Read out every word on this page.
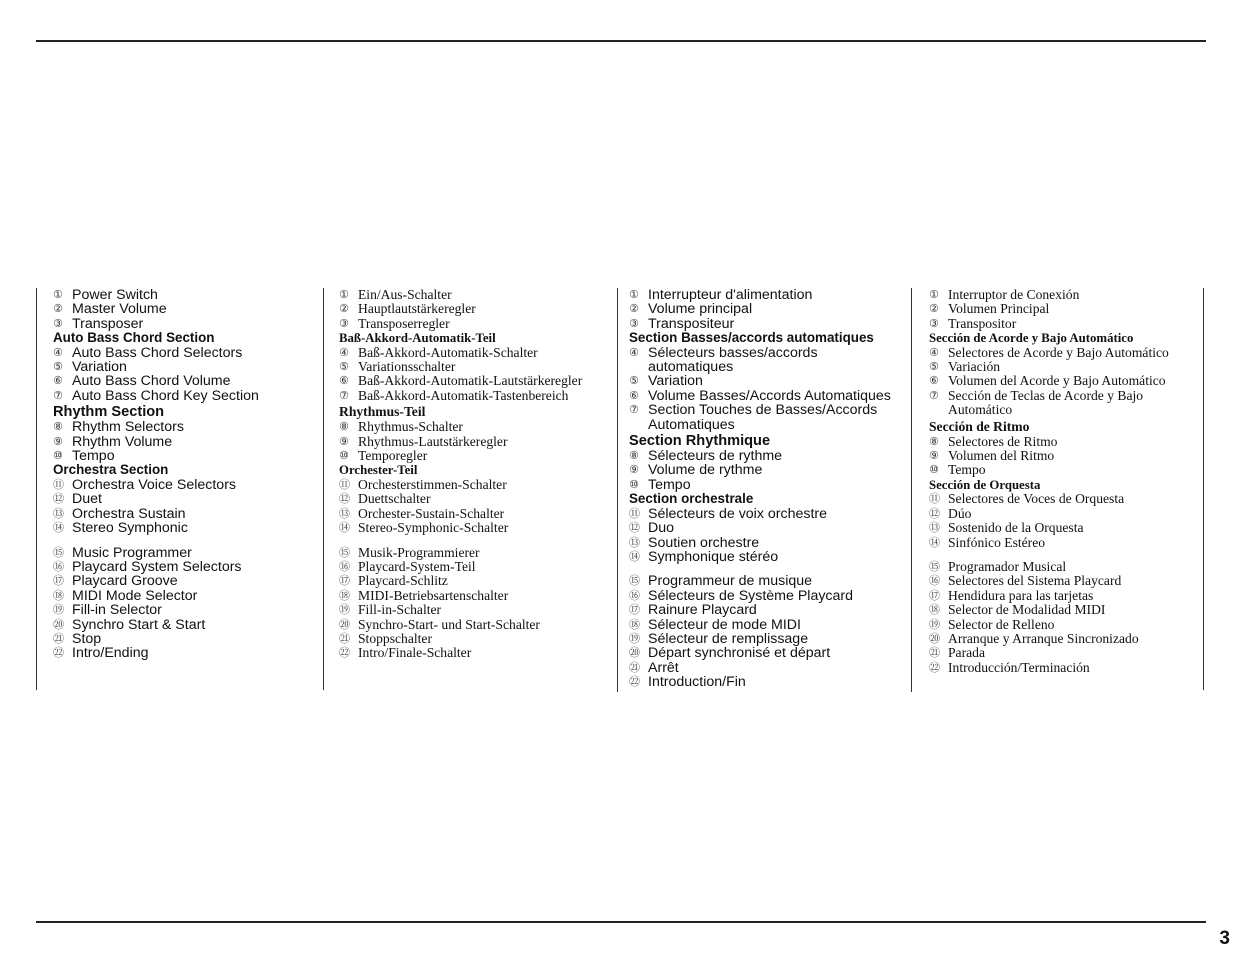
① Power Switch
② Master Volume
③ Transposer
Auto Bass Chord Section
④ Auto Bass Chord Selectors
⑤ Variation
⑥ Auto Bass Chord Volume
⑦ Auto Bass Chord Key Section
Rhythm Section
⑧ Rhythm Selectors
⑨ Rhythm Volume
⑩ Tempo
Orchestra Section
⑪ Orchestra Voice Selectors
⑫ Duet
⑬ Orchestra Sustain
⑭ Stereo Symphonic
⑮ Music Programmer
⑯ Playcard System Selectors
⑰ Playcard Groove
⑱ MIDI Mode Selector
⑲ Fill-in Selector
⑳ Synchro Start & Start
㉑ Stop
㉒ Intro/Ending
① Ein/Aus-Schalter
② Hauptlautstärkeregler
③ Transposerregler
Baß-Akkord-Automatik-Teil
④ Baß-Akkord-Automatik-Schalter
⑤ Variationsschalter
⑥ Baß-Akkord-Automatik-Lautstärkeregler
⑦ Baß-Akkord-Automatik-Tastenbereich
Rhythmus-Teil
⑧ Rhythmus-Schalter
⑨ Rhythmus-Lautstärkeregler
⑩ Temporegler
Orchester-Teil
⑪ Orchesterstimmen-Schalter
⑫ Duettschalter
⑬ Orchester-Sustain-Schalter
⑭ Stereo-Symphonic-Schalter
⑮ Musik-Programmierer
⑯ Playcard-System-Teil
⑰ Playcard-Schlitz
⑱ MIDI-Betriebsartenschalter
⑲ Fill-in-Schalter
⑳ Synchro-Start- und Start-Schalter
㉑ Stoppschalter
㉒ Intro/Finale-Schalter
① Interrupteur d'alimentation
② Volume principal
③ Transpositeur
Section Basses/accords automatiques
④ Sélecteurs basses/accords
automatiques
⑤ Variation
⑥ Volume Basses/Accords Automatiques
⑦ Section Touches de Basses/Accords
Automatiques
Section Rhythmique
⑧ Sélecteurs de rythme
⑨ Volume de rythme
⑩ Tempo
Section orchestrale
⑪ Sélecteurs de voix orchestre
⑫ Duo
⑬ Soutien orchestre
⑭ Symphonique stéréo
⑮ Programmeur de musique
⑯ Sélecteurs de Système Playcard
⑰ Rainure Playcard
⑱ Sélecteur de mode MIDI
⑲ Sélecteur de remplissage
⑳ Départ synchronisé et départ
㉑ Arrêt
㉒ Introduction/Fin
① Interruptor de Conexión
② Volumen Principal
③ Transpositor
Sección de Acorde y Bajo Automático
④ Selectores de Acorde y Bajo Automático
⑤ Variación
⑥ Volumen del Acorde y Bajo Automático
⑦ Sección de Teclas de Acorde y Bajo
Automático
Sección de Ritmo
⑧ Selectores de Ritmo
⑨ Volumen del Ritmo
⑩ Tempo
Sección de Orquesta
⑪ Selectores de Voces de Orquesta
⑫ Dúo
⑬ Sostenido de la Orquesta
⑭ Sinfónico Estéreo
⑮ Programador Musical
⑯ Selectores del Sistema Playcard
⑰ Hendidura para las tarjetas
⑱ Selector de Modalidad MIDI
⑲ Selector de Relleno
⑳ Arranque y Arranque Sincronizado
㉑ Parada
㉒ Introducción/Terminación
3
